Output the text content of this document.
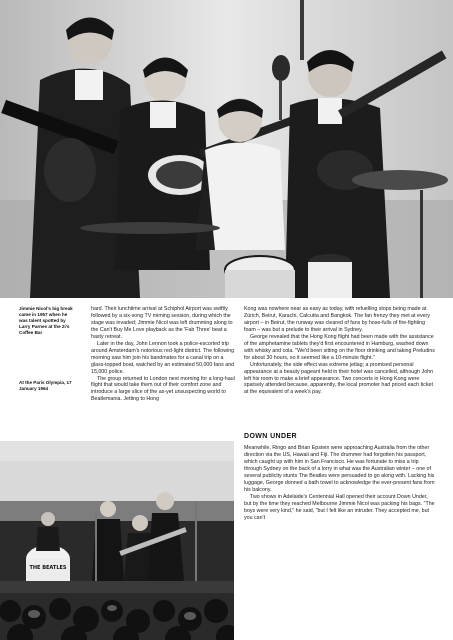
Jimmie Nicol's big break came in 1957 when he was talent spotted by Larry Parnes at the 2i's Coffee Bar
At the Paris Olympia, 17 January 1964

hard. Their lunchtime arrival at Schiphol Airport was swiftly followed by a six-song TV miming session, during which the stage was invaded; Jimmie Nicol was left drumming along to the Can't Buy Me Love playback as the 'Fab Three' beat a hasty retreat.

Later in the day, John Lennon took a police-escorted trip around Amsterdam's notorious red-light district. The following morning saw him join his bandmates for a canal trip on a glass-topped boat, watched by an estimated 50,000 fans and 15,000 police.

The group returned to London next morning for a long-haul flight that would take them out of their comfort zone and introduce a large slice of the as-yet unsuspecting world to Beatlemania. Jetting to Hong

Kong was nowhere near as easy as today, with refuelling stops being made at Zürich, Beirut, Karachi, Calcutta and Bangkok. The fan frenzy they met at every airport – in Beirut, the runway was cleared of fans by hose-fulls of fire-fighting foam – was but a prelude to their arrival in Sydney.

George revealed that the Hong Kong flight had been made with the assistance of the amphetamine tablets they'd first encountered in Hamburg, washed down with whisky and cola. "We'd been sitting on the floor drinking and taking Preludins for about 30 hours, so it seemed like a 10-minute flight."

Unfortunately, the side effect was extreme jetlag; a promised personal appearance at a beauty pageant held in their hotel was cancelled, although John left his room to make a brief appearance. Two concerts in Hong Kong were sparsely attended because, apparently, the local promoter had priced each ticket at the equivalent of a week's pay.

DOWN UNDER

Meanwhile, Ringo and Brian Epstein were approaching Australia from the other direction via the US, Hawaii and Fiji. The drummer had forgotten his passport, which caught up with him in San Francisco. He was fortunate to miss a trip through Sydney on the back of a lorry in what was the Australian winter – one of several publicity stunts The Beatles were persuaded to go along with. Lacking his luggage, George donned a bath towel to acknowledge the ever-present fans from his balcony.

Two shows in Adelaide's Centennial Hall opened their account Down Under, but by the time they reached Melbourne Jimmie Nicol was packing his bags. "The boys were very kind," he said, "but I felt like an intruder. They accepted me, but you can't

THE BEATLES
